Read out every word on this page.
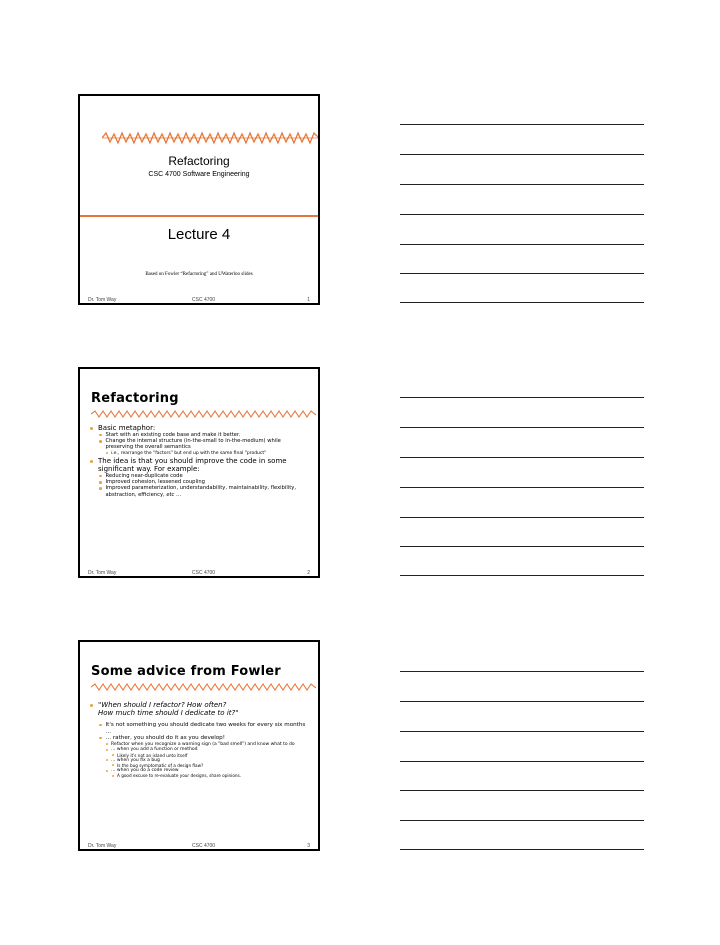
Refactoring
CSC 4700 Software Engineering
Lecture 4
Based on Fowler “Refactoring” and UWaterloo slides
Dr. Tom Way	CSC 4700	1
Refactoring
Basic metaphor:
Start with an existing code base and make it better.
Change the internal structure (in-the-small to in-the-medium) while preserving the overall semantics
i.e., rearrange the "factors" but end up with the same final "product"
The idea is that you should improve the code in some significant way. For example:
Reducing near-duplicate code
Improved cohesion, lessened coupling
Improved parameterization, understandability, maintainability, flexibility, abstraction, efficiency, etc …
Dr. Tom Way	CSC 4700	2
Some advice from Fowler
"When should I refactor? How often?
How much time should I dedicate to it?"
It's not something you should dedicate two weeks for every six months …
… rather, you should do it as you develop!
Refactor when you recognize a warning sign (a "bad smell") and know what to do
… when you add a function or method
Likely it's not an island unto itself
… when you fix a bug
Is the bug symptomatic of a design flaw?
… when you do a code review
A good excuse to re-evaluate your designs, share opinions.
Dr. Tom Way	CSC 4700	3
